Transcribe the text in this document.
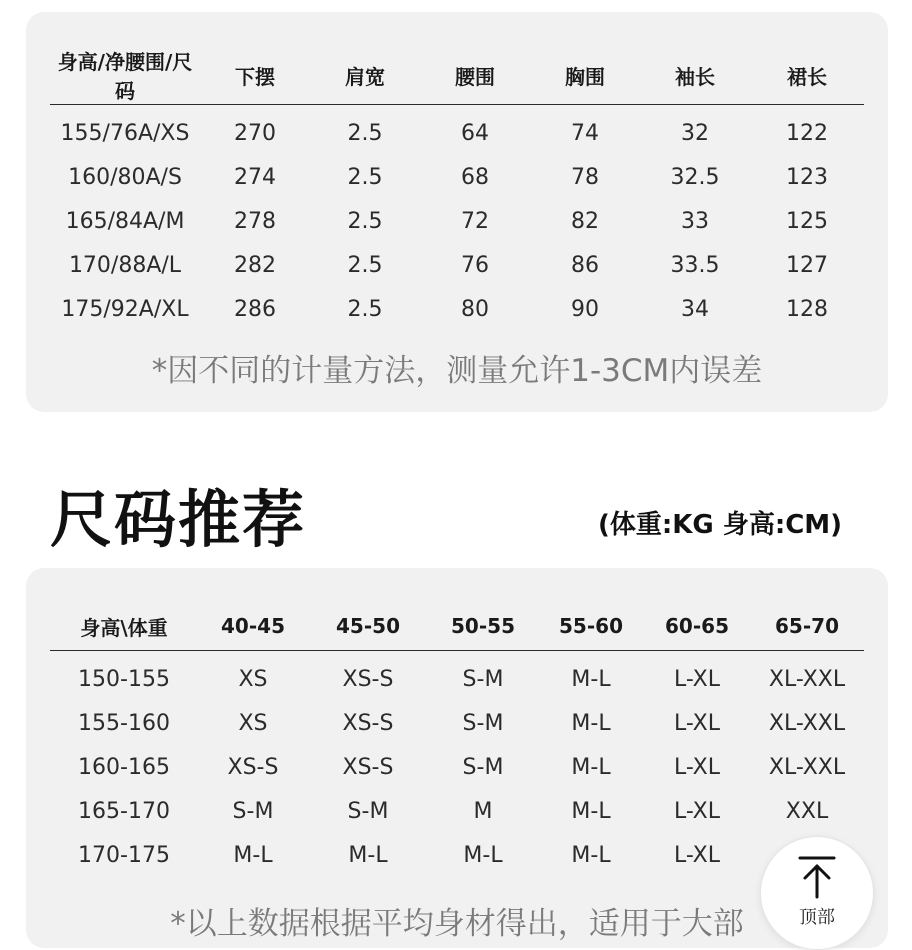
身高/净腰围/尺码	下摆	肩宽	腰围	胸围	袖长	裙长
155/76A/XS	270	2.5	64	74	32	122
160/80A/S	274	2.5	68	78	32.5	123
165/84A/M	278	2.5	72	82	33	125
170/88A/L	282	2.5	76	86	33.5	127
175/92A/XL	286	2.5	80	90	34	128
*因不同的计量方法，测量允许1-3CM内误差
尺码推荐	(体重:KG 身高:CM)
身高\体重	40-45	45-50	50-55	55-60	60-65	65-70
150-155	XS	XS-S	S-M	M-L	L-XL	XL-XXL
155-160	XS	XS-S	S-M	M-L	L-XL	XL-XXL
160-165	XS-S	XS-S	S-M	M-L	L-XL	XL-XXL
165-170	S-M	S-M	M	M-L	L-XL	XXL
170-175	M-L	M-L	M-L	M-L	L-XL	
*以上数据根据平均身材得出，适用于大部	顶部
